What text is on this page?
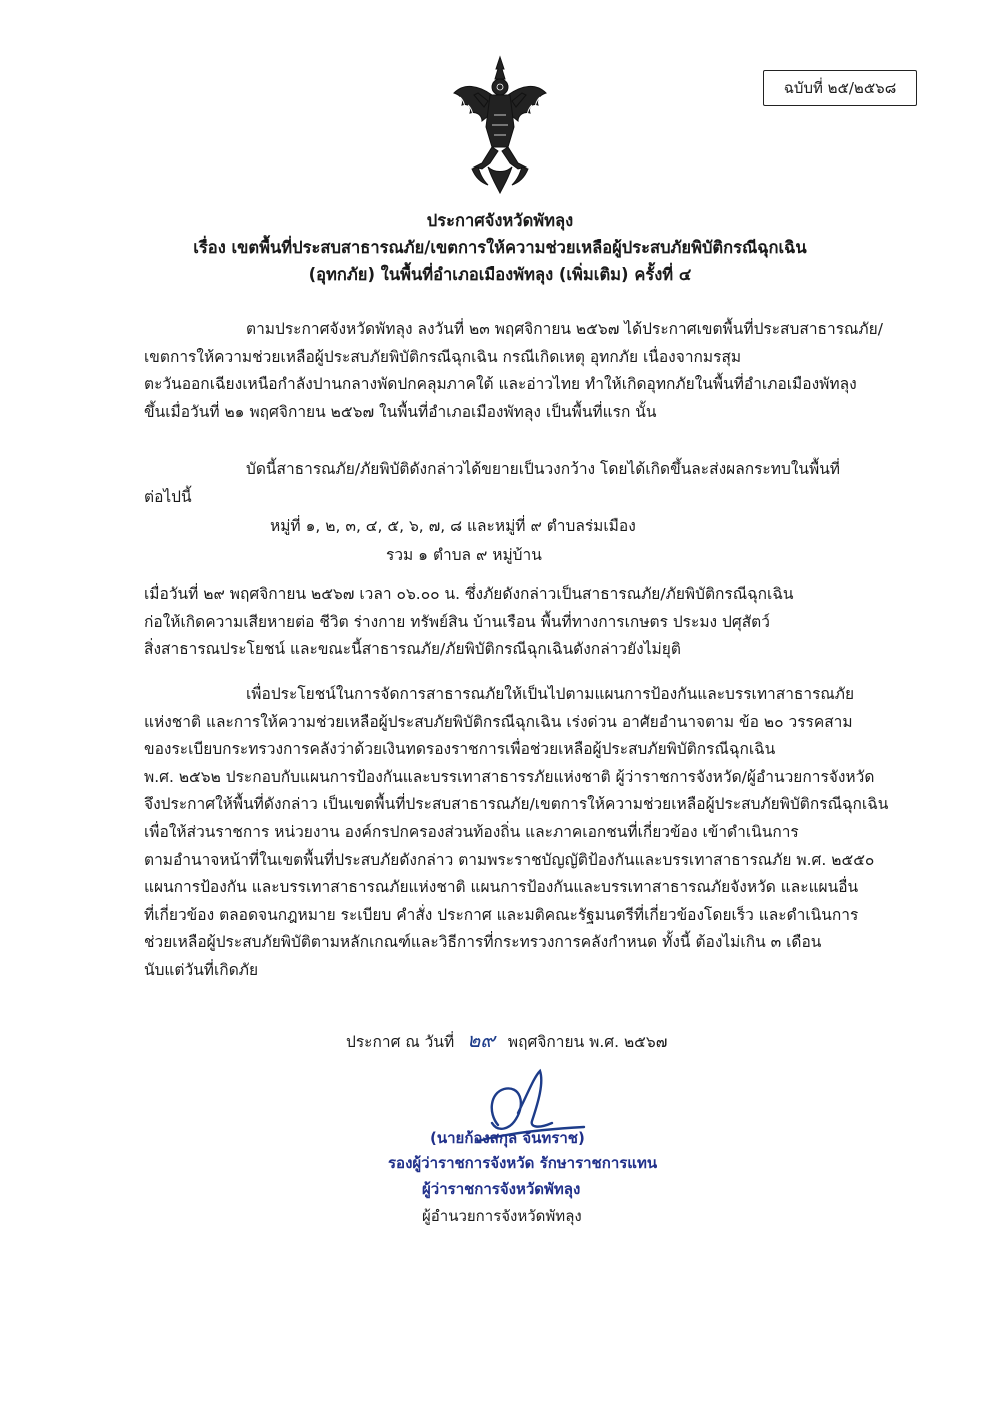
ฉบับที่ ๒๕/๒๕๖๘
ประกาศจังหวัดพัทลุง
เรื่อง เขตพื้นที่ประสบสาธารณภัย/เขตการให้ความช่วยเหลือผู้ประสบภัยพิบัติกรณีฉุกเฉิน
(อุทกภัย) ในพื้นที่อำเภอเมืองพัทลุง (เพิ่มเติม) ครั้งที่ ๔
ตามประกาศจังหวัดพัทลุง ลงวันที่ ๒๓ พฤศจิกายน ๒๕๖๗ ได้ประกาศเขตพื้นที่ประสบสาธารณภัย/
เขตการให้ความช่วยเหลือผู้ประสบภัยพิบัติกรณีฉุกเฉิน กรณีเกิดเหตุ อุทกภัย เนื่องจากมรสุม
ตะวันออกเฉียงเหนือกำลังปานกลางพัดปกคลุมภาคใต้ และอ่าวไทย ทำให้เกิดอุทกภัยในพื้นที่อำเภอเมืองพัทลุง
ขึ้นเมื่อวันที่ ๒๑ พฤศจิกายน ๒๕๖๗ ในพื้นที่อำเภอเมืองพัทลุง เป็นพื้นที่แรก นั้น
บัดนี้สาธารณภัย/ภัยพิบัติดังกล่าวได้ขยายเป็นวงกว้าง โดยได้เกิดขึ้นละส่งผลกระทบในพื้นที่
ต่อไปนี้
หมู่ที่ ๑, ๒, ๓, ๔, ๕, ๖, ๗, ๘ และหมู่ที่ ๙ ตำบลร่มเมือง
รวม ๑ ตำบล ๙ หมู่บ้าน
เมื่อวันที่ ๒๙ พฤศจิกายน ๒๕๖๗ เวลา ๐๖.๐๐ น. ซึ่งภัยดังกล่าวเป็นสาธารณภัย/ภัยพิบัติกรณีฉุกเฉิน
ก่อให้เกิดความเสียหายต่อ ชีวิต ร่างกาย ทรัพย์สิน บ้านเรือน พื้นที่ทางการเกษตร ประมง ปศุสัตว์
สิ่งสาธารณประโยชน์ และขณะนี้สาธารณภัย/ภัยพิบัติกรณีฉุกเฉินดังกล่าวยังไม่ยุติ
เพื่อประโยชน์ในการจัดการสาธารณภัยให้เป็นไปตามแผนการป้องกันและบรรเทาสาธารณภัย
แห่งชาติ และการให้ความช่วยเหลือผู้ประสบภัยพิบัติกรณีฉุกเฉิน เร่งด่วน อาศัยอำนาจตาม ข้อ ๒๐ วรรคสาม
ของระเบียบกระทรวงการคลังว่าด้วยเงินทดรองราชการเพื่อช่วยเหลือผู้ประสบภัยพิบัติกรณีฉุกเฉิน
พ.ศ. ๒๕๖๒ ประกอบกับแผนการป้องกันและบรรเทาสาธารรภัยแห่งชาติ ผู้ว่าราชการจังหวัด/ผู้อำนวยการจังหวัด
จึงประกาศให้พื้นที่ดังกล่าว เป็นเขตพื้นที่ประสบสาธารณภัย/เขตการให้ความช่วยเหลือผู้ประสบภัยพิบัติกรณีฉุกเฉิน
เพื่อให้ส่วนราชการ หน่วยงาน องค์กรปกครองส่วนท้องถิ่น และภาคเอกชนที่เกี่ยวข้อง เข้าดำเนินการ
ตามอำนาจหน้าที่ในเขตพื้นที่ประสบภัยดังกล่าว ตามพระราชบัญญัติป้องกันและบรรเทาสาธารณภัย พ.ศ. ๒๕๕๐
แผนการป้องกัน และบรรเทาสาธารณภัยแห่งชาติ แผนการป้องกันและบรรเทาสาธารณภัยจังหวัด และแผนอื่น
ที่เกี่ยวข้อง ตลอดจนกฎหมาย ระเบียบ คำสั่ง ประกาศ และมติคณะรัฐมนตรีที่เกี่ยวข้องโดยเร็ว และดำเนินการ
ช่วยเหลือผู้ประสบภัยพิบัติตามหลักเกณฑ์และวิธีการที่กระทรวงการคลังกำหนด ทั้งนี้ ต้องไม่เกิน ๓ เดือน
นับแต่วันที่เกิดภัย
ประกาศ ณ วันที่ ๒๙ พฤศจิกายน พ.ศ. ๒๕๖๗
(นายก้องสกุล จันทราช)
รองผู้ว่าราชการจังหวัด รักษาราชการแทน
ผู้ว่าราชการจังหวัดพัทลุง
ผู้อำนวยการจังหวัดพัทลุง
